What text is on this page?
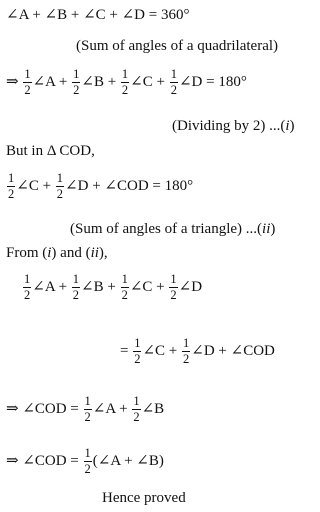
∠A + ∠B + ∠C + ∠D = 360°
(Sum of angles of a quadrilateral)
⇒ $\frac{1}{2}$ ∠A + $\frac{1}{2}$ ∠B + $\frac{1}{2}$ ∠C + $\frac{1}{2}$ ∠D = 180°
(Dividing by 2) ...(i)
But in Δ COD,
$\frac{1}{2}$ ∠C + $\frac{1}{2}$ ∠D + ∠COD = 180°
(Sum of angles of a triangle) ...(ii)
From (i) and (ii),
$\frac{1}{2}$ ∠A + $\frac{1}{2}$ ∠B + $\frac{1}{2}$ ∠C + $\frac{1}{2}$ ∠D
= $\frac{1}{2}$ ∠C + $\frac{1}{2}$ ∠D + ∠COD
⇒ ∠COD = $\frac{1}{2}$ ∠A + $\frac{1}{2}$ ∠B
⇒ ∠COD = $\frac{1}{2}$ (∠A + ∠B)
Hence proved
